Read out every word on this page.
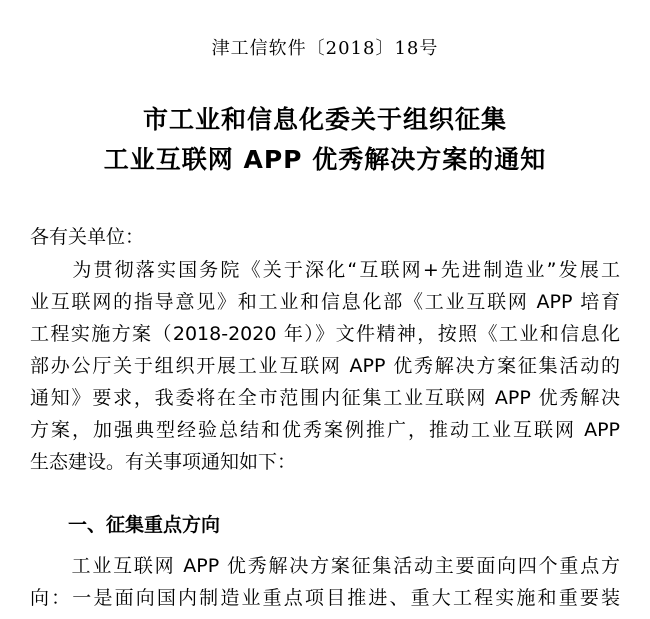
津工信软件〔2018〕18号
市工业和信息化委关于组织征集
工业互联网 APP 优秀解决方案的通知
各有关单位：
　　为贯彻落实国务院《关于深化“互联网+先进制造业”发展工
业互联网的指导意见》和工业和信息化部《工业互联网 APP 培育
工程实施方案（2018-2020 年）》文件精神，按照《工业和信息化
部办公厅关于组织开展工业互联网 APP 优秀解决方案征集活动的
通知》要求，我委将在全市范围内征集工业互联网 APP 优秀解决
方案，加强典型经验总结和优秀案例推广，推动工业互联网 APP
生态建设。有关事项通知如下：
一、征集重点方向
　　工业互联网 APP 优秀解决方案征集活动主要面向四个重点方
向：一是面向国内制造业重点项目推进、重大工程实施和重要装
